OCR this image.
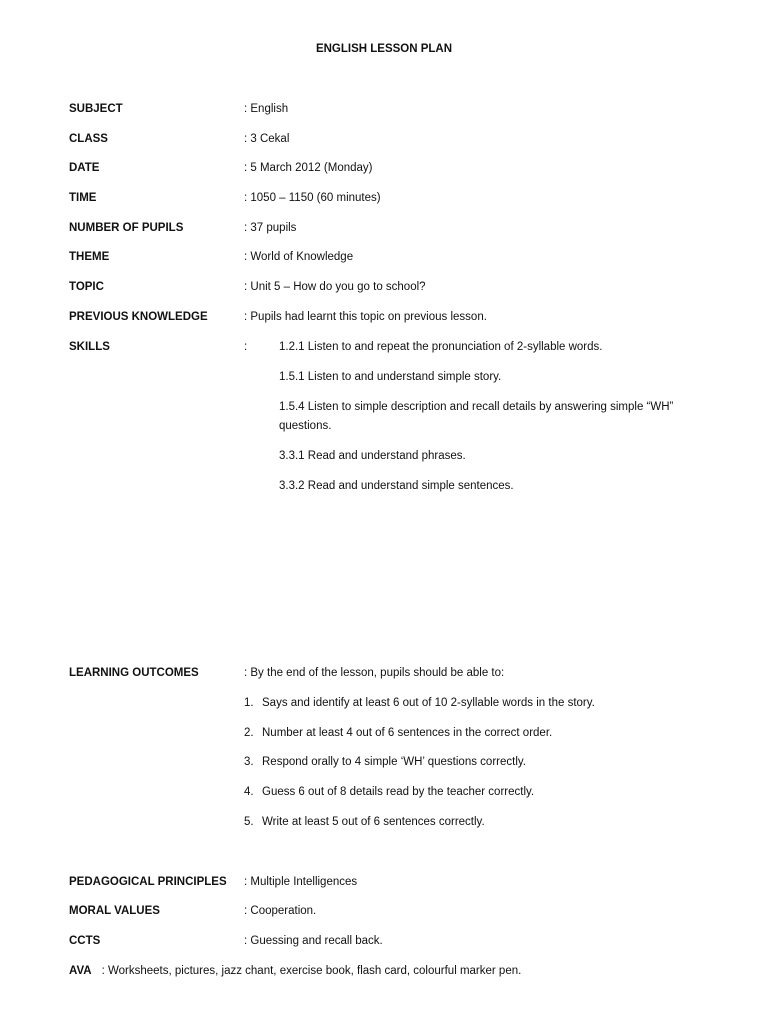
ENGLISH LESSON PLAN
SUBJECT	: English
CLASS	: 3 Cekal
DATE	: 5 March 2012 (Monday)
TIME	: 1050 – 1150 (60 minutes)
NUMBER OF PUPILS	: 37 pupils
THEME	: World of Knowledge
TOPIC	: Unit 5 – How do you go to school?
PREVIOUS KNOWLEDGE	: Pupils had learnt this topic on previous lesson.
SKILLS	:	1.2.1 Listen to and repeat the pronunciation of 2-syllable words.
1.5.1 Listen to and understand simple story.
1.5.4 Listen to simple description and recall details by answering simple “WH”
questions.
3.3.1 Read and understand phrases.
3.3.2 Read and understand simple sentences.
LEARNING OUTCOMES	: By the end of the lesson, pupils should be able to:
1. Says and identify at least 6 out of 10 2-syllable words in the story.
2. Number at least 4 out of 6 sentences in the correct order.
3. Respond orally to 4 simple ‘WH’ questions correctly.
4. Guess 6 out of 8 details read by the teacher correctly.
5. Write at least 5 out of 6 sentences correctly.
PEDAGOGICAL PRINCIPLES : Multiple Intelligences
MORAL VALUES	: Cooperation.
CCTS	: Guessing and recall back.
AVA : Worksheets, pictures, jazz chant, exercise book, flash card, colourful marker pen.
